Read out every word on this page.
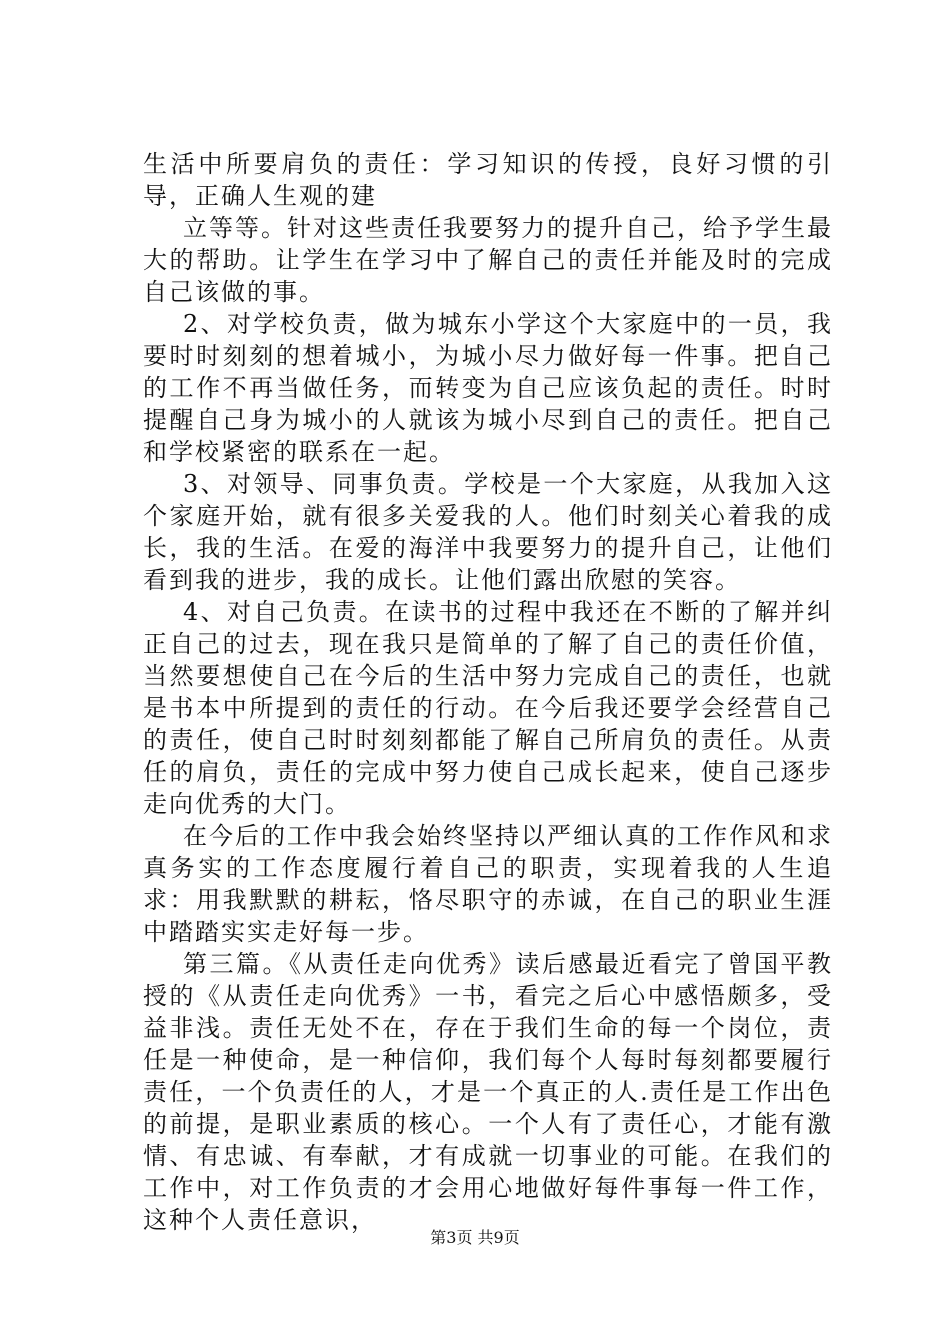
生活中所要肩负的责任：学习知识的传授，良好习惯的引导，正确人生观的建

立等等。针对这些责任我要努力的提升自己，给予学生最大的帮助。让学生在学习中了解自己的责任并能及时的完成自己该做的事。

2、对学校负责，做为城东小学这个大家庭中的一员，我要时时刻刻的想着城小，为城小尽力做好每一件事。把自己的工作不再当做任务，而转变为自己应该负起的责任。时时提醒自己身为城小的人就该为城小尽到自己的责任。把自己和学校紧密的联系在一起。

3、对领导、同事负责。学校是一个大家庭，从我加入这个家庭开始，就有很多关爱我的人。他们时刻关心着我的成长，我的生活。在爱的海洋中我要努力的提升自己，让他们看到我的进步，我的成长。让他们露出欣慰的笑容。

4、对自己负责。在读书的过程中我还在不断的了解并纠正自己的过去，现在我只是简单的了解了自己的责任价值，当然要想使自己在今后的生活中努力完成自己的责任，也就是书本中所提到的责任的行动。在今后我还要学会经营自己的责任，使自己时时刻刻都能了解自己所肩负的责任。从责任的肩负，责任的完成中努力使自己成长起来，使自己逐步走向优秀的大门。

在今后的工作中我会始终坚持以严细认真的工作作风和求真务实的工作态度履行着自己的职责，实现着我的人生追求：用我默默的耕耘，恪尽职守的赤诚，在自己的职业生涯中踏踏实实走好每一步。

第三篇。《从责任走向优秀》读后感最近看完了曾国平教授的《从责任走向优秀》一书，看完之后心中感悟颇多，受益非浅。责任无处不在，存在于我们生命的每一个岗位，责任是一种使命，是一种信仰，我们每个人每时每刻都要履行责任，一个负责任的人，才是一个真正的人.责任是工作出色的前提，是职业素质的核心。一个人有了责任心，才能有激情、有忠诚、有奉献，才有成就一切事业的可能。在我们的工作中，对工作负责的才会用心地做好每件事每一件工作，这种个人责任意识，

第3页 共9页
